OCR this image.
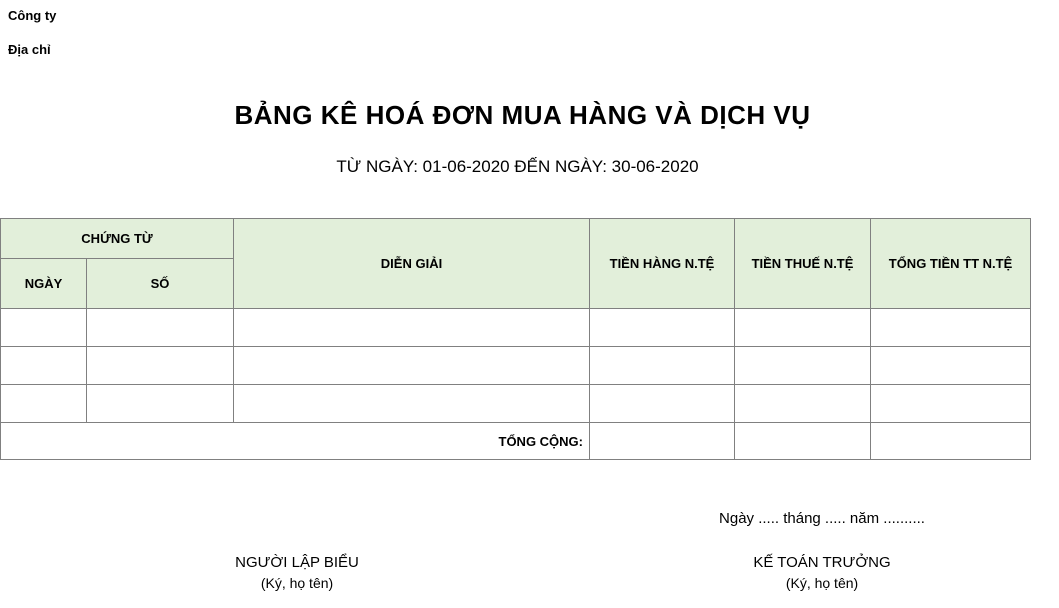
Công ty
Địa chỉ
BẢNG KÊ HOÁ ĐƠN MUA HÀNG VÀ DỊCH VỤ
TỪ NGÀY: 01-06-2020 ĐẾN NGÀY: 30-06-2020
CHỨNG TỪ		DIỄN GIẢI	TIỀN HÀNG N.TỆ	TIỀN THUẾ N.TỆ	TỔNG TIỀN TT N.TỆ
NGÀY	SỐ				

TỔNG CỘNG:					
Ngày ..... tháng ..... năm ..........
NGƯỜI LẬP BIỂU
(Ký, họ tên)
KẾ TOÁN TRƯỞNG
(Ký, họ tên)
